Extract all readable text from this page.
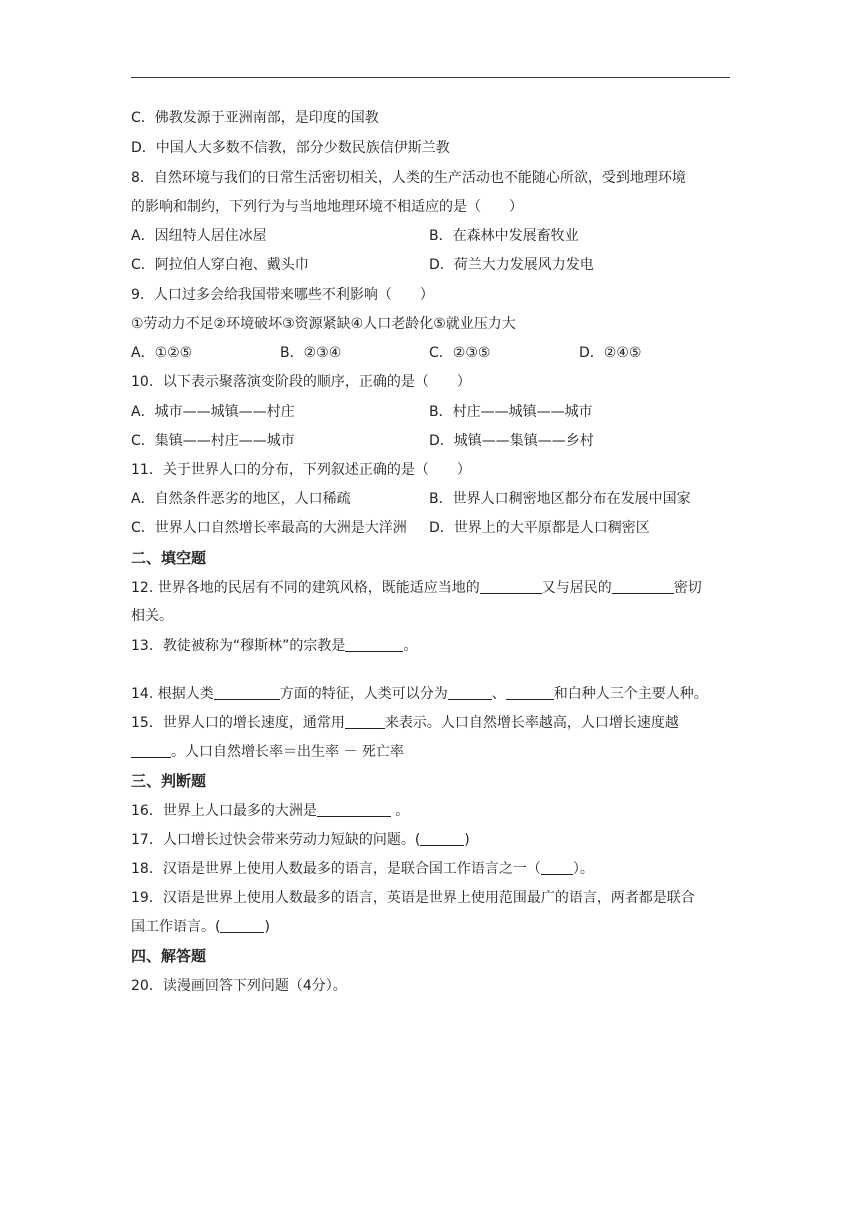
C．佛教发源于亚洲南部，是印度的国教
D．中国人大多数不信教，部分少数民族信伊斯兰教
8．自然环境与我们的日常生活密切相关，人类的生产活动也不能随心所欲，受到地理环境
的影响和制约，下列行为与当地地理环境不相适应的是（　　）
A．因纽特人居住冰屋	B．在森林中发展畜牧业
C．阿拉伯人穿白袍、戴头巾	D．荷兰大力发展风力发电
9．人口过多会给我国带来哪些不利影响（　　）
①劳动力不足②环境破坏③资源紧缺④人口老龄化⑤就业压力大
A．①②⑤	B．②③④	C．②③⑤	D．②④⑤
10．以下表示聚落演变阶段的顺序，正确的是（　　）
A．城市——城镇——村庄	B．村庄——城镇——城市
C．集镇——村庄——城市	D．城镇——集镇——乡村
11．关于世界人口的分布，下列叙述正确的是（　　）
A．自然条件恶劣的地区，人口稀疏	B．世界人口稠密地区都分布在发展中国家
C．世界人口自然增长率最高的大洲是大洋洲 D．世界上的大平原都是人口稠密区
二、填空题
12. 世界各地的民居有不同的建筑风格，既能适应当地的	又与居民的	密切
相关。
13．教徒被称为“穆斯林”的宗教是	。
14. 根据人类	方面的特征，人类可以分为	、	和白种人三个主要人种。
15．世界人口的增长速度，通常用	来表示。人口自然增长率越高，人口增长速度越
。人口自然增长率＝出生率 － 死亡率
三、判断题
16．世界上人口最多的大洲是	。
17．人口增长过快会带来劳动力短缺的问题。(	)
18．汉语是世界上使用人数最多的语言，是联合国工作语言之一（ ）。
19．汉语是世界上使用人数最多的语言，英语是世界上使用范围最广的语言，两者都是联合
国工作语言。(	)
四、解答题
20．读漫画回答下列问题（4分）。
